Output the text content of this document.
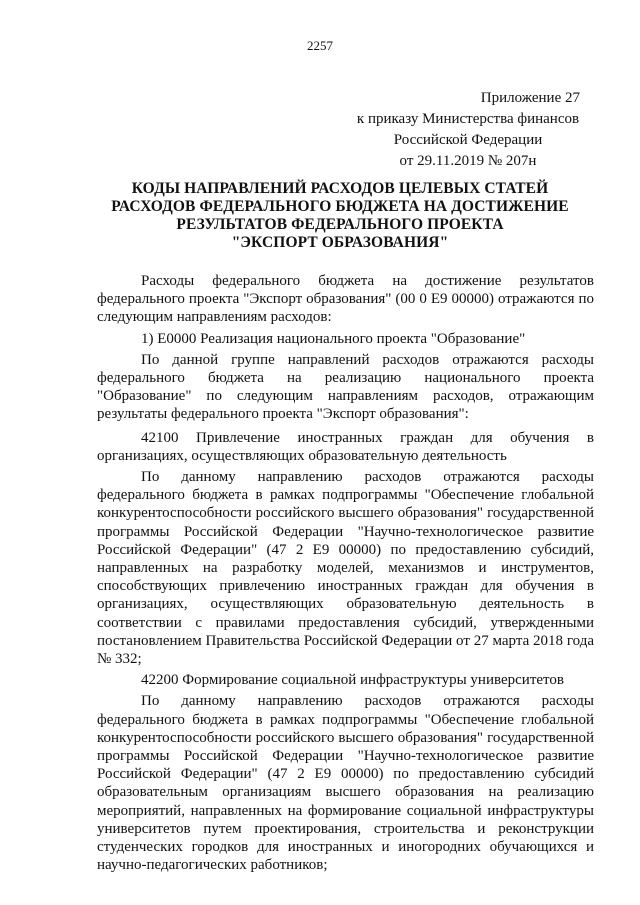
2257
Приложение 27
к приказу Министерства финансов
Российской Федерации
от 29.11.2019 № 207н
КОДЫ НАПРАВЛЕНИЙ РАСХОДОВ ЦЕЛЕВЫХ СТАТЕЙ
РАСХОДОВ ФЕДЕРАЛЬНОГО БЮДЖЕТА НА ДОСТИЖЕНИЕ
РЕЗУЛЬТАТОВ ФЕДЕРАЛЬНОГО ПРОЕКТА
"ЭКСПОРТ ОБРАЗОВАНИЯ"

Расходы федерального бюджета на достижение результатов федерального проекта "Экспорт образования" (00 0 Е9 00000) отражаются по следующим направлениям расходов:

1) Е0000 Реализация национального проекта "Образование"

По данной группе направлений расходов отражаются расходы федерального бюджета на реализацию национального проекта "Образование" по следующим направлениям расходов, отражающим результаты федерального проекта "Экспорт образования":

42100 Привлечение иностранных граждан для обучения в организациях, осуществляющих образовательную деятельность

По данному направлению расходов отражаются расходы федерального бюджета в рамках подпрограммы "Обеспечение глобальной конкурентоспособности российского высшего образования" государственной программы Российской Федерации "Научно-технологическое развитие Российской Федерации" (47 2 Е9 00000) по предоставлению субсидий, направленных на разработку моделей, механизмов и инструментов, способствующих привлечению иностранных граждан для обучения в организациях, осуществляющих образовательную деятельность в соответствии с правилами предоставления субсидий, утвержденными постановлением Правительства Российской Федерации от 27 марта 2018 года № 332;

42200 Формирование социальной инфраструктуры университетов

По данному направлению расходов отражаются расходы федерального бюджета в рамках подпрограммы "Обеспечение глобальной конкурентоспособности российского высшего образования" государственной программы Российской Федерации "Научно-технологическое развитие Российской Федерации" (47 2 Е9 00000) по предоставлению субсидий образовательным организациям высшего образования на реализацию мероприятий, направленных на формирование социальной инфраструктуры университетов путем проектирования, строительства и реконструкции студенческих городков для иностранных и иногородних обучающихся и научно-педагогических работников;
